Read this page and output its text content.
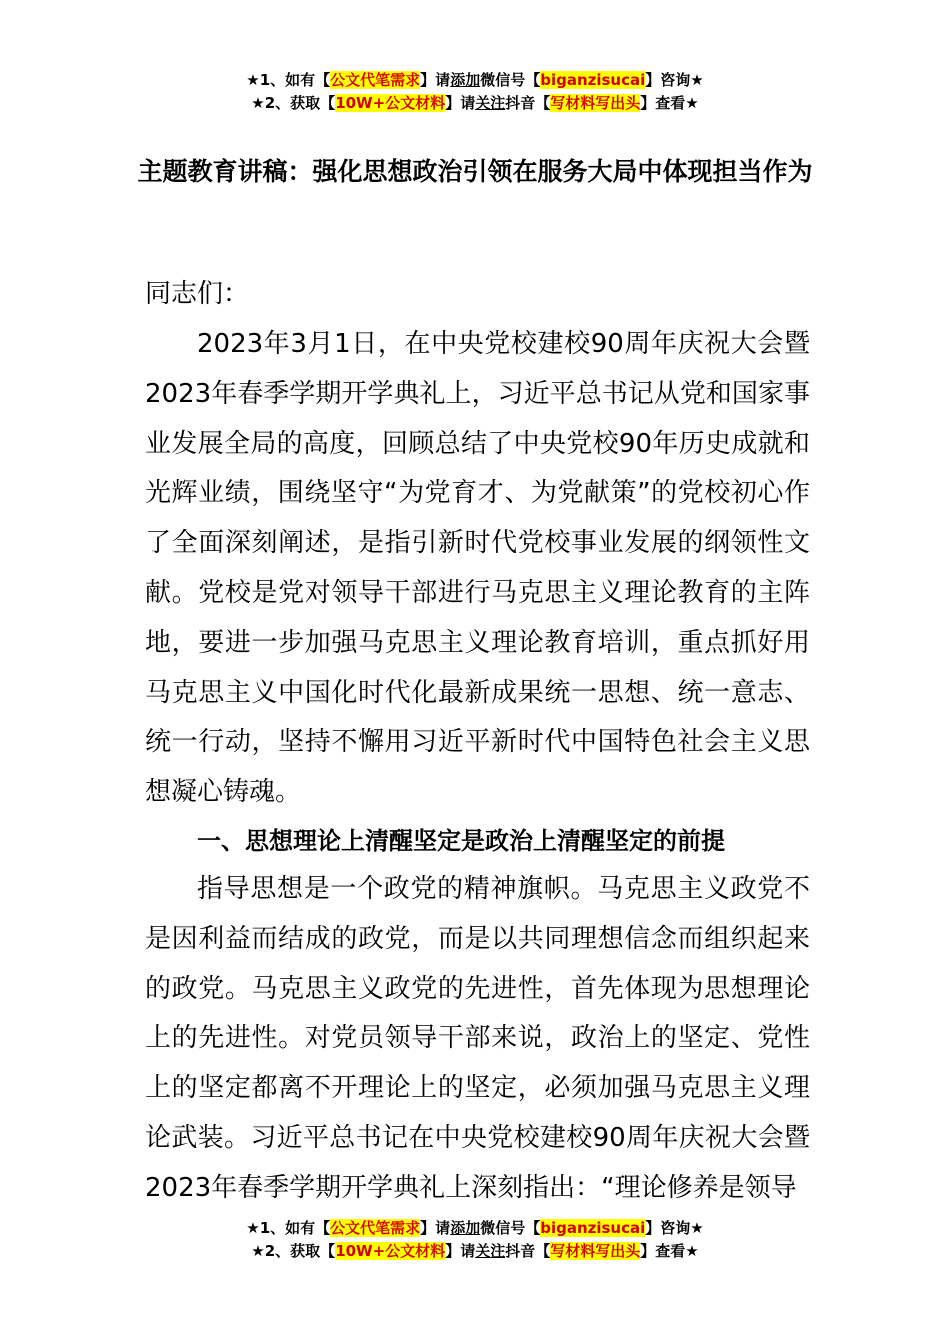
★1、如有【公文代笔需求】请添加微信号【biganzisucai】咨询★
★2、获取【10W+公文材料】请关注抖音【写材料写出头】查看★
主题教育讲稿：强化思想政治引领在服务大局中体现担当作为
同志们：
2023年3月1日，在中央党校建校90周年庆祝大会暨2023年春季学期开学典礼上，习近平总书记从党和国家事业发展全局的高度，回顾总结了中央党校90年历史成就和光辉业绩，围绕坚守“为党育才、为党献策”的党校初心作了全面深刻阐述，是指引新时代党校事业发展的纲领性文献。党校是党对领导干部进行马克思主义理论教育的主阵地，要进一步加强马克思主义理论教育培训，重点抓好用马克思主义中国化时代化最新成果统一思想、统一意志、统一行动，坚持不懈用习近平新时代中国特色社会主义思想凝心铸魂。
一、思想理论上清醒坚定是政治上清醒坚定的前提
指导思想是一个政党的精神旗帜。马克思主义政党不是因利益而结成的政党，而是以共同理想信念而组织起来的政党。马克思主义政党的先进性，首先体现为思想理论上的先进性。对党员领导干部来说，政治上的坚定、党性上的坚定都离不开理论上的坚定，必须加强马克思主义理论武装。习近平总书记在中央党校建校90周年庆祝大会暨2023年春季学期开学典礼上深刻指出：“理论修养是领导
★1、如有【公文代笔需求】请添加微信号【biganzisucai】咨询★
★2、获取【10W+公文材料】请关注抖音【写材料写出头】查看★
